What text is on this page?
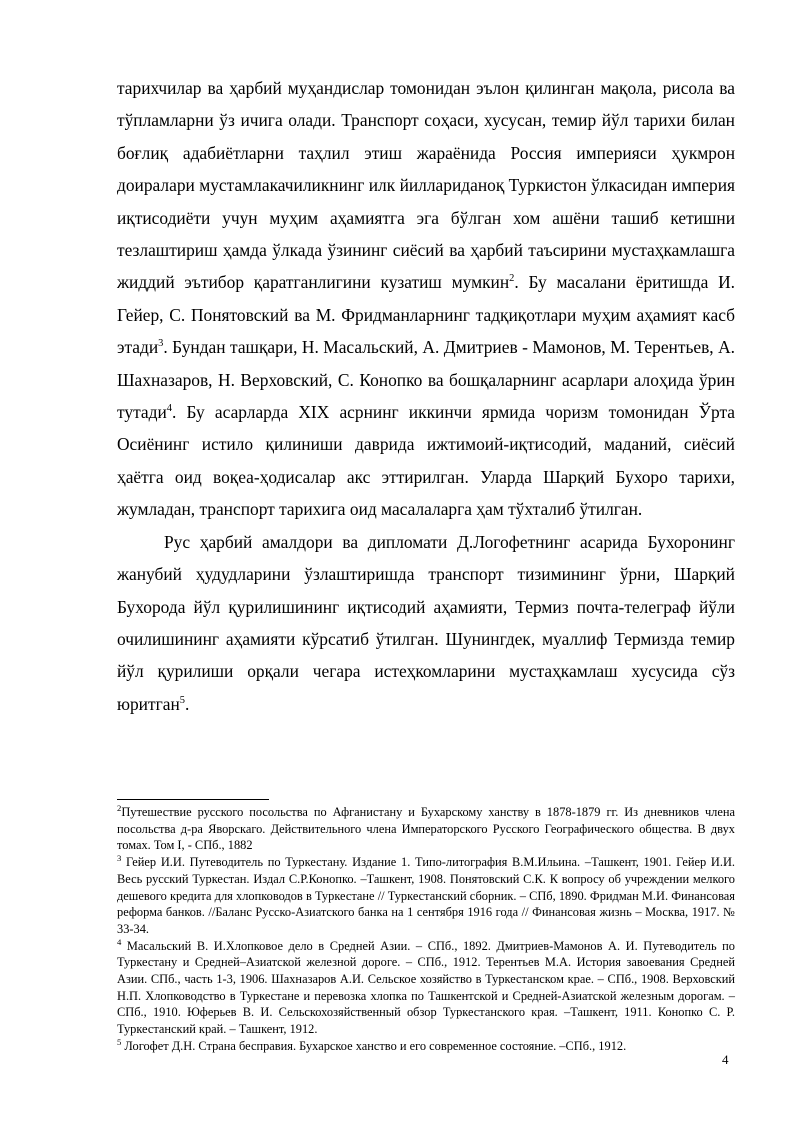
тарихчилар ва ҳарбий муҳандислар томонидан эълон қилинган мақола, рисола ва тўпламларни ўз ичига олади. Транспорт соҳаси, хусусан, темир йўл тарихи билан боғлиқ адабиётларни таҳлил этиш жараёнида Россия империяси ҳукмрон доиралари мустамлакачиликнинг илк йиллариданоқ Туркистон ўлкасидан империя иқтисодиёти учун муҳим аҳамиятга эга бўлган хом ашёни ташиб кетишни тезлаштириш ҳамда ўлкада ўзининг сиёсий ва ҳарбий таъсирини мустаҳкамлашга жиддий эътибор қаратганлигини кузатиш мумкин$^2$. Бу масалани ёритишда И. Гейер, С. Понятовский ва М. Фридманларнинг тадқиқотлари муҳим аҳамият касб этади$^3$. Бундан ташқари, Н. Масальский, А. Дмитриев - Мамонов, М. Терентьев, А. Шахназаров, Н. Верховский, С. Конопко ва бошқаларнинг асарлари алоҳида ўрин тутади$^4$. Бу асарларда XIX асрнинг иккинчи ярмида чоризм томонидан Ўрта Осиёнинг истило қилиниши даврида ижтимоий-иқтисодий, маданий, сиёсий ҳаётга оид воқеа-ҳодисалар акс эттирилган. Уларда Шарқий Бухоро тарихи, жумладан, транспорт тарихига оид масалаларга ҳам тўхталиб ўтилган.

Рус ҳарбий амалдори ва дипломати Д.Логофетнинг асарида Бухоронинг жанубий ҳудудларини ўзлаштиришда транспорт тизимининг ўрни, Шарқий Бухорода йўл қурилишининг иқтисодий аҳамияти, Термиз почта-телеграф йўли очилишининг аҳамияти кўрсатиб ўтилган. Шунингдек, муаллиф Термизда темир йўл қурилиши орқали чегара истеҳкомларини мустаҳкамлаш хусусида сўз юритган$^5$.

$^2$Путешествие русского посольства по Афганистану и Бухарскому ханству в 1878-1879 гг. Из дневников члена посольства д-ра Яворскаго. Действительного члена Императорского Русского Географического общества. В двух томах. Том I, - СПб., 1882

$^3$ Гейер И.И. Путеводитель по Туркестану. Издание 1. Типо-литография В.М.Ильина. –Ташкент, 1901. Гейер И.И. Весь русский Туркестан. Издал С.Р.Конопко. –Ташкент, 1908. Понятовский С.К. К вопросу об учреждении мелкого дешевого кредита для хлопководов в Туркестане // Туркестанский сборник. – СПб, 1890. Фридман М.И. Финансовая реформа банков. //Баланс Русско-Азиатского банка на 1 сентября 1916 года // Финансовая жизнь – Москва, 1917. № 33-34.

$^4$ Масальский В. И.Хлопковое дело в Средней Азии. – СПб., 1892. Дмитриев-Мамонов А. И. Путеводитель по Туркестану и Средней–Азиатской железной дороге. – СПб., 1912. Терентьев М.А. История завоевания Средней Азии. СПб., часть 1-3, 1906. Шахназаров А.И. Сельское хозяйство в Туркестанском крае. – СПб., 1908. Верховский Н.П. Хлопководство в Туркестане и перевозка хлопка по Ташкентской и Средней-Азиатской железным дорогам. – СПб., 1910. Юферьев В. И. Сельскохозяйственный обзор Туркестанского края. –Ташкент, 1911. Конопко С. Р. Туркестанский край. – Ташкент, 1912.

$^5$ Логофет Д.Н. Страна бесправия. Бухарское ханство и его современное состояние. –СПб., 1912.

4
